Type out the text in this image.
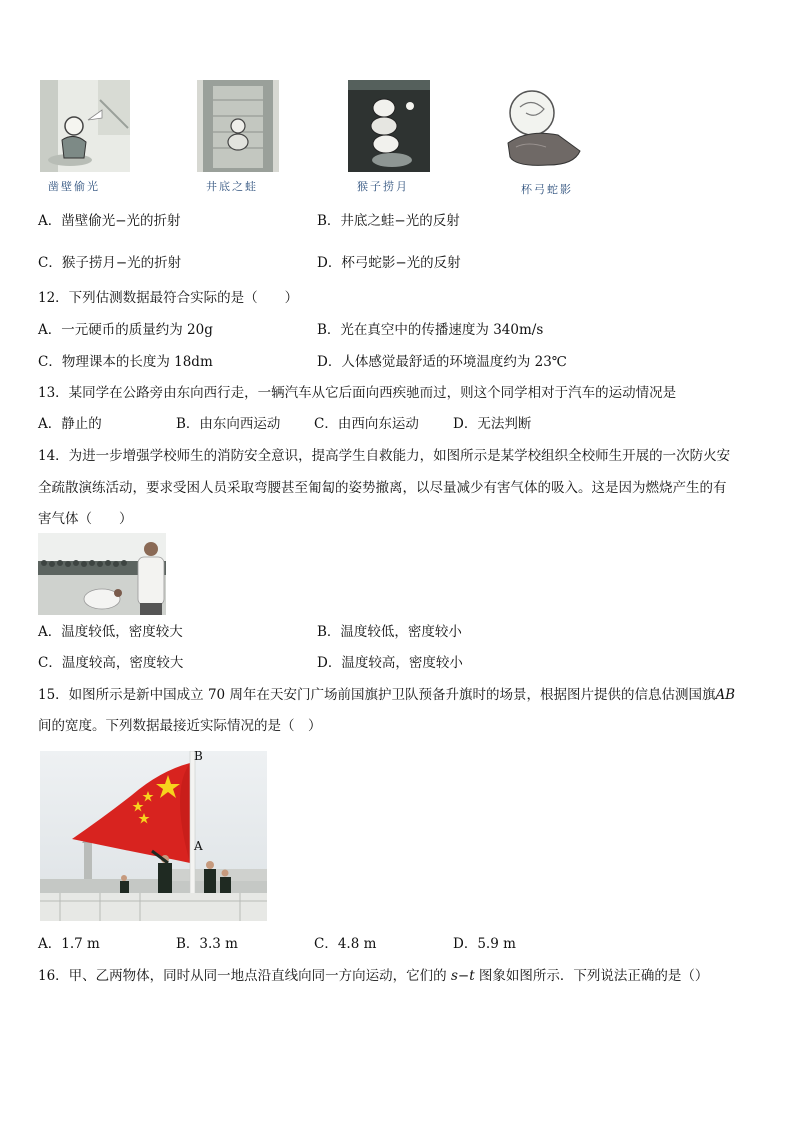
凿壁偷光	井底之蛙	猴子捞月	杯弓蛇影
A．凿壁偷光−光的折射	B．井底之蛙−光的反射
C．猴子捞月−光的折射	D．杯弓蛇影−光的反射
12．下列估测数据最符合实际的是（　　）
A．一元硬币的质量约为 20g	B．光在真空中的传播速度为 340m/s
C．物理课本的长度为 18dm	D．人体感觉最舒适的环境温度约为 23℃
13．某同学在公路旁由东向西行走，一辆汽车从它后面向西疾驰而过，则这个同学相对于汽车的运动情况是
A．静止的	B．由东向西运动 C．由西向东运动	D．无法判断
14．为进一步增强学校师生的消防安全意识，提高学生自救能力，如图所示是某学校组织全校师生开展的一次防火安
全疏散演练活动，要求受困人员采取弯腰甚至匍匐的姿势撤离，以尽量减少有害气体的吸入。这是因为燃烧产生的有
害气体（　　）
A．温度较低，密度较大	B．温度较低，密度较小
C．温度较高，密度较大	D．温度较高，密度较小
15．如图所示是新中国成立 70 周年在天安门广场前国旗护卫队预备升旗时的场景，根据图片提供的信息估测国旗AB
间的宽度。下列数据最接近实际情况的是（　）
B
A
A．1.7 m	B．3.3 m	C．4.8 m	D．5.9 m
16．甲、乙两物体，同时从同一地点沿直线向同一方向运动，它们的 s−t 图象如图所示．下列说法正确的是（）
